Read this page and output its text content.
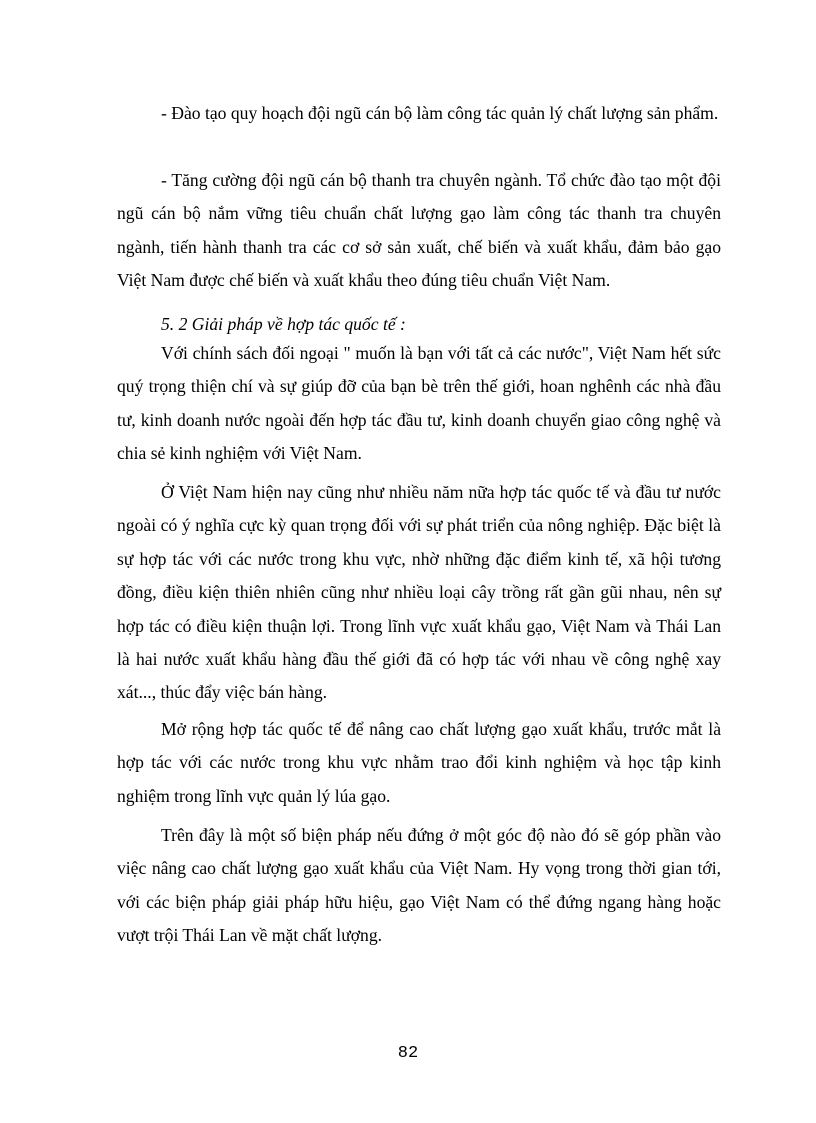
- Đào tạo quy hoạch đội ngũ cán bộ làm công tác quản lý chất lượng sản phẩm.

- Tăng cường đội ngũ cán bộ thanh tra chuyên ngành. Tổ chức đào tạo một đội ngũ cán bộ nắm vững tiêu chuẩn chất lượng gạo làm công tác thanh tra chuyên ngành, tiến hành thanh tra các cơ sở sản xuất, chế biến và xuất khẩu, đảm bảo gạo Việt Nam được chế biến và xuất khẩu theo đúng tiêu chuẩn Việt Nam.

5. 2 Giải pháp về hợp tác quốc tế :

Với chính sách đối ngoại " muốn là bạn với tất cả các nước", Việt Nam hết sức quý trọng thiện chí và sự giúp đỡ của bạn bè trên thế giới, hoan nghênh các nhà đầu tư, kinh doanh nước ngoài đến hợp tác đầu tư, kinh doanh chuyển giao công nghệ và chia sẻ kinh nghiệm với Việt Nam.

Ở Việt Nam hiện nay cũng như nhiều năm nữa hợp tác quốc tế và đầu tư nước ngoài có ý nghĩa cực kỳ quan trọng đối với sự phát triển của nông nghiệp. Đặc biệt là sự hợp tác với các nước trong khu vực, nhờ những đặc điểm kinh tế, xã hội tương đồng, điều kiện thiên nhiên cũng như nhiều loại cây trồng rất gần gũi nhau, nên sự hợp tác có điều kiện thuận lợi. Trong lĩnh vực xuất khẩu gạo, Việt Nam và Thái Lan là hai nước xuất khẩu hàng đầu thế giới đã có hợp tác với nhau về công nghệ xay xát..., thúc đẩy việc bán hàng.

Mở rộng hợp tác quốc tế để nâng cao chất lượng gạo xuất khẩu, trước mắt là hợp tác với các nước trong khu vực nhằm trao đổi kinh nghiệm và học tập kinh nghiệm trong lĩnh vực quản lý lúa gạo.

Trên đây là một số biện pháp nếu đứng ở một góc độ nào đó sẽ góp phần vào việc nâng cao chất lượng gạo xuất khẩu của Việt Nam. Hy vọng trong thời gian tới, với các biện pháp giải pháp hữu hiệu, gạo Việt Nam có thể đứng ngang hàng hoặc vượt trội Thái Lan về mặt chất lượng.

82
